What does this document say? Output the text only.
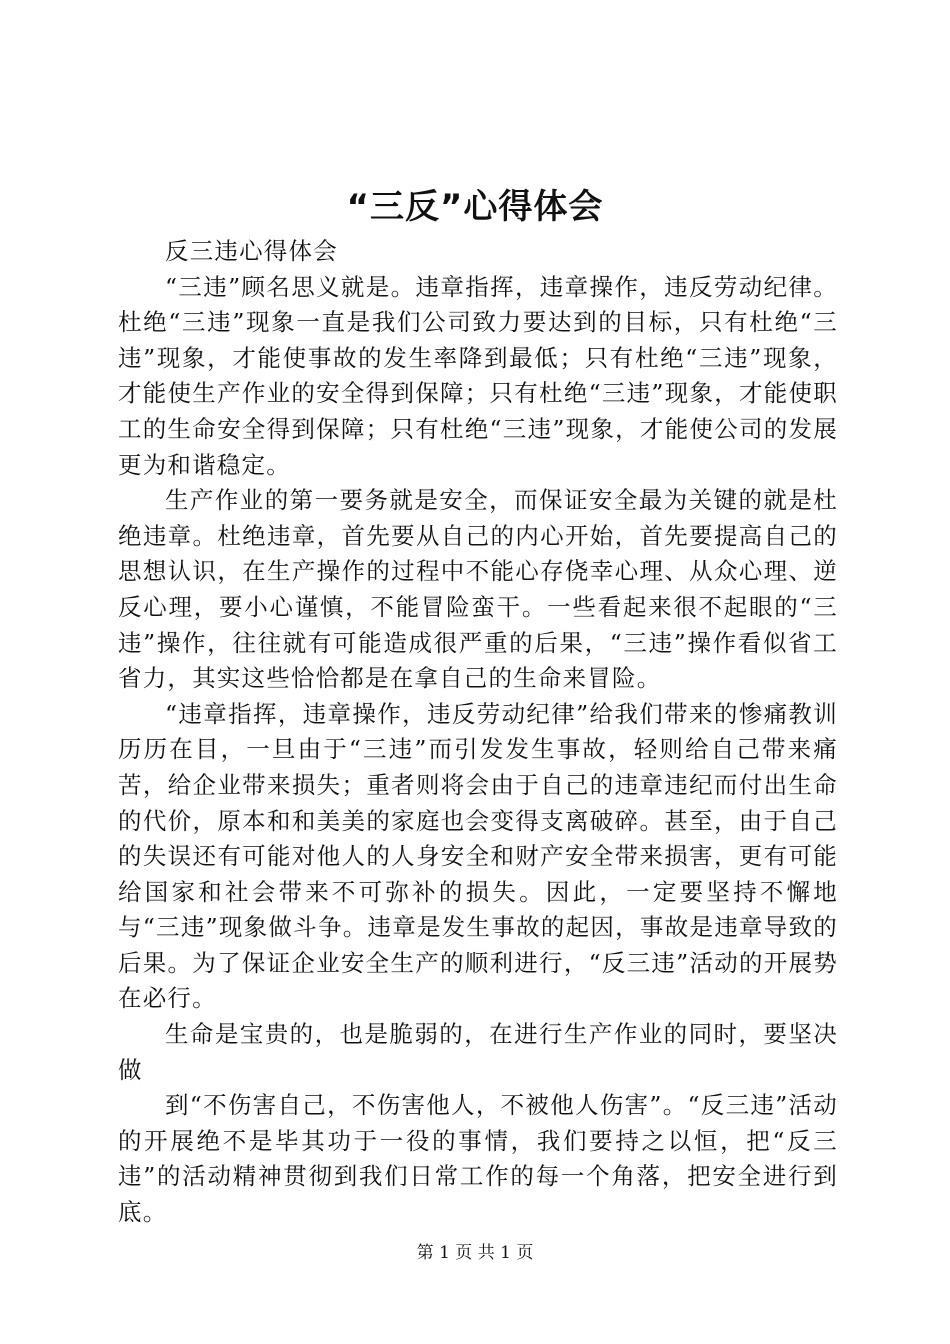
“三反”心得体会

反三违心得体会

“三违”顾名思义就是。违章指挥，违章操作，违反劳动纪律。杜绝“三违”现象一直是我们公司致力要达到的目标，只有杜绝“三违”现象，才能使事故的发生率降到最低；只有杜绝“三违”现象，才能使生产作业的安全得到保障；只有杜绝“三违”现象，才能使职工的生命安全得到保障；只有杜绝“三违”现象，才能使公司的发展更为和谐稳定。

生产作业的第一要务就是安全，而保证安全最为关键的就是杜绝违章。杜绝违章，首先要从自己的内心开始，首先要提高自己的思想认识，在生产操作的过程中不能心存侥幸心理、从众心理、逆反心理，要小心谨慎，不能冒险蛮干。一些看起来很不起眼的“三违”操作，往往就有可能造成很严重的后果，“三违”操作看似省工省力，其实这些恰恰都是在拿自己的生命来冒险。

“违章指挥，违章操作，违反劳动纪律”给我们带来的惨痛教训历历在目，一旦由于“三违”而引发发生事故，轻则给自己带来痛苦，给企业带来损失；重者则将会由于自己的违章违纪而付出生命的代价，原本和和美美的家庭也会变得支离破碎。甚至，由于自己的失误还有可能对他人的人身安全和财产安全带来损害，更有可能给国家和社会带来不可弥补的损失。因此，一定要坚持不懈地与“三违”现象做斗争。违章是发生事故的起因，事故是违章导致的后果。为了保证企业安全生产的顺利进行，“反三违”活动的开展势在必行。

生命是宝贵的，也是脆弱的，在进行生产作业的同时，要坚决做

到“不伤害自己，不伤害他人，不被他人伤害”。“反三违”活动的开展绝不是毕其功于一役的事情，我们要持之以恒，把“反三违”的活动精神贯彻到我们日常工作的每一个角落，把安全进行到底。

第 1 页 共 1 页
